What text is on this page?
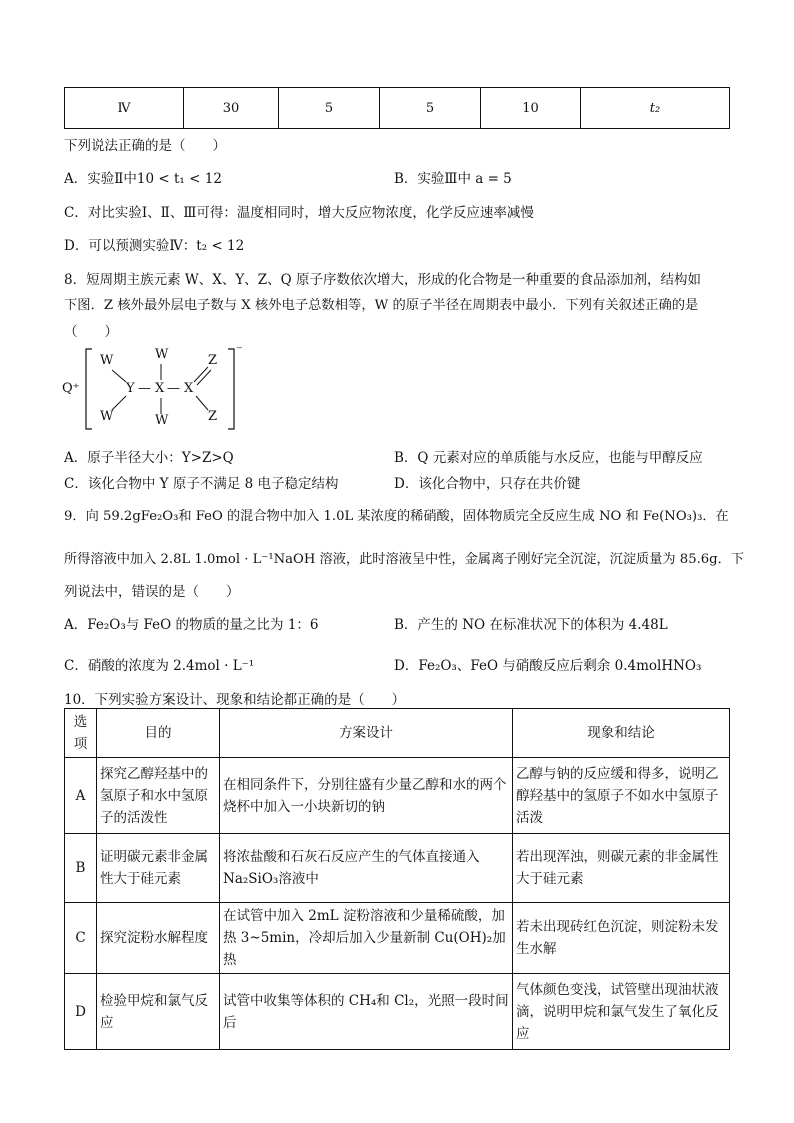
Ⅳ	30	5	5	10	t₂
下列说法正确的是（　　）
A．实验Ⅱ中10 < t₁ < 12	B．实验Ⅲ中 a = 5
C．对比实验Ⅰ、Ⅱ、Ⅲ可得：温度相同时，增大反应物浓度，化学反应速率减慢
D．可以预测实验Ⅳ：t₂ < 12
8．短周期主族元素 W、X、Y、Z、Q 原子序数依次增大，形成的化合物是一种重要的食品添加剂，结构如
下图．Z 核外最外层电子数与 X 核外电子总数相等，W 的原子半径在周期表中最小．下列有关叙述正确的是
（　　）
Q⁺
W
W
Y —
W
X —
W
X
Z
Z
⁻
A．原子半径大小：Y>Z>Q	B．Q 元素对应的单质能与水反应，也能与甲醇反应
C．该化合物中 Y 原子不满足 8 电子稳定结构	D．该化合物中，只存在共价键
9．向 59.2gFe₂O₃和 FeO 的混合物中加入 1.0L 某浓度的稀硝酸，固体物质完全反应生成 NO 和 Fe(NO₃)₃．在
所得溶液中加入 2.8L 1.0mol · L⁻¹NaOH 溶液，此时溶液呈中性，金属离子刚好完全沉淀，沉淀质量为 85.6g．下
列说法中，错误的是（　　）
A．Fe₂O₃与 FeO 的物质的量之比为 1：6	B．产生的 NO 在标准状况下的体积为 4.48L
C．硝酸的浓度为 2.4mol · L⁻¹	D．Fe₂O₃、FeO 与硝酸反应后剩余 0.4molHNO₃
10．下列实验方案设计、现象和结论都正确的是（　　）
选项	目的	方案设计	现象和结论
A	探究乙醇羟基中的氢原子和水中氢原子的活泼性	在相同条件下，分别往盛有少量乙醇和水的两个烧杯中加入一小块新切的钠	乙醇与钠的反应缓和得多，说明乙醇羟基中的氢原子不如水中氢原子活泼
B	证明碳元素非金属性大于硅元素	将浓盐酸和石灰石反应产生的气体直接通入 Na₂SiO₃溶液中	若出现浑浊，则碳元素的非金属性大于硅元素
C	探究淀粉水解程度	在试管中加入 2mL 淀粉溶液和少量稀硫酸，加热 3~5min，冷却后加入少量新制 Cu(OH)₂加热	若未出现砖红色沉淀，则淀粉未发生水解
D	检验甲烷和氯气反应	试管中收集等体积的 CH₄和 Cl₂，光照一段时间后	气体颜色变浅，试管壁出现油状液滴，说明甲烷和氯气发生了氧化反应
